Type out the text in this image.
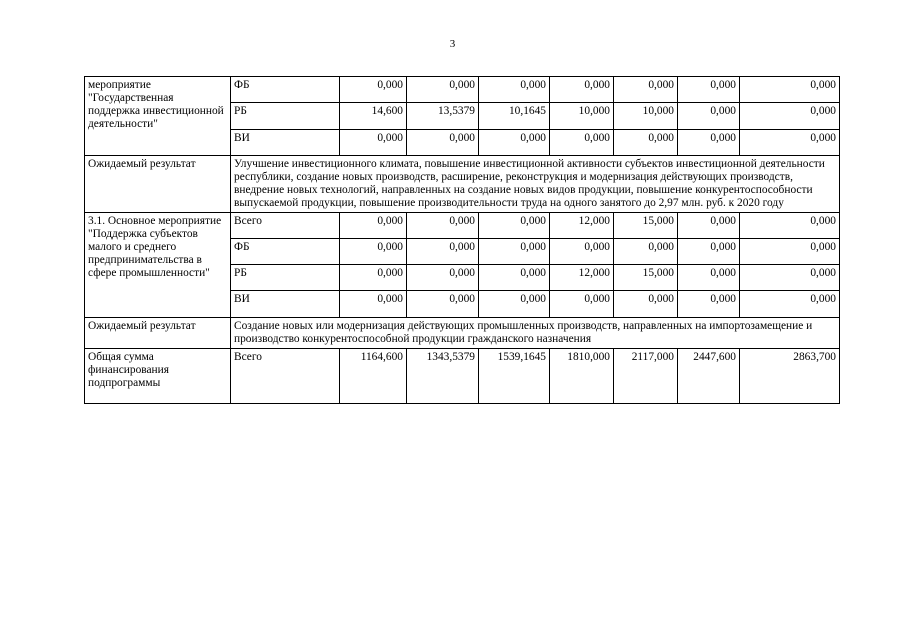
3
мероприятие "Государственная поддержка инвестиционной деятельности"	ФБ	0,000	0,000	0,000	0,000	0,000	0,000	0,000
	РБ	14,600	13,5379	10,1645	10,000	10,000	0,000	0,000
	ВИ	0,000	0,000	0,000	0,000	0,000	0,000	0,000
Ожидаемый результат	Улучшение инвестиционного климата, повышение инвестиционной активности субъектов инвестиционной деятельности республики, создание новых производств, расширение, реконструкция и модернизация действующих производств, внедрение новых технологий, направленных на создание новых видов продукции, повышение конкурентоспособности выпускаемой продукции, повышение производительности труда на одного занятого до 2,97 млн. руб. к 2020 году							
3.1. Основное мероприятие "Поддержка субъектов малого и среднего предпринимательства в сфере промышленности"	Всего	0,000	0,000	0,000	12,000	15,000	0,000	0,000
	ФБ	0,000	0,000	0,000	0,000	0,000	0,000	0,000
	РБ	0,000	0,000	0,000	12,000	15,000	0,000	0,000
	ВИ	0,000	0,000	0,000	0,000	0,000	0,000	0,000
Ожидаемый результат	Создание новых или модернизация действующих промышленных производств, направленных на импортозамещение и производство конкурентоспособной продукции гражданского назначения							
Общая сумма финансирования подпрограммы	Всего	1164,600	1343,5379	1539,1645	1810,000	2117,000	2447,600	2863,700
